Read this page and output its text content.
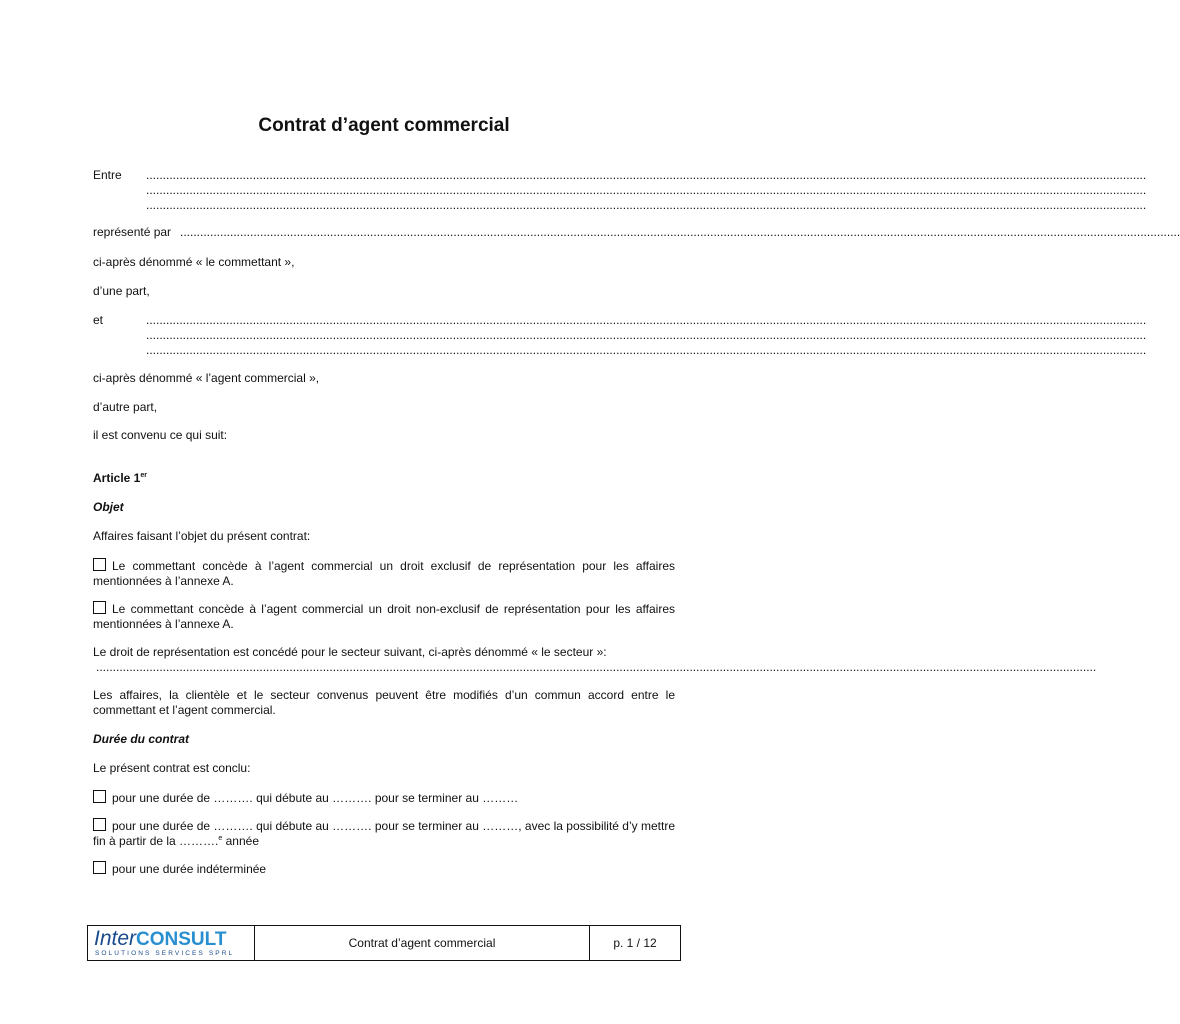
Contrat d’agent commercial
Entre ............................................................................................................................................................................................................................................................................................................
............................................................................................................................................................................................................................................................................................................
............................................................................................................................................................................................................................................................................................................
représenté par ............................................................................................................................................................................................................................................................................................................
ci-après dénommé « le commettant »,
d’une part,
et	............................................................................................................................................................................................................................................................................................................
............................................................................................................................................................................................................................................................................................................
............................................................................................................................................................................................................................................................................................................
ci-après dénommé « l’agent commercial »,
d’autre part,
il est convenu ce qui suit:
Article 1er
Objet
Affaires faisant l’objet du présent contrat:
Le commettant concède à l’agent commercial un droit exclusif de représentation pour les affaires mentionnées à l’annexe A.
Le commettant concède à l’agent commercial un droit non-exclusif de représentation pour les affaires mentionnées à l’annexe A.
Le droit de représentation est concédé pour le secteur suivant, ci-après dénommé « le secteur »:
............................................................................................................................................................................................................................................................................................................
Les affaires, la clientèle et le secteur convenus peuvent être modifiés d’un commun accord entre le commettant et l’agent commercial.
Durée du contrat
Le présent contrat est conclu:
pour une durée de ………. qui débute au ………. pour se terminer au ………
pour une durée de ………. qui débute au ………. pour se terminer au ………, avec la possibilité d’y mettre fin à partir de la ……….$^e$ année
pour une durée indéterminée
InterCONSULT
SOLUTIONS SERVICES SPRL
Contrat d’agent commercial	p. 1 / 12
